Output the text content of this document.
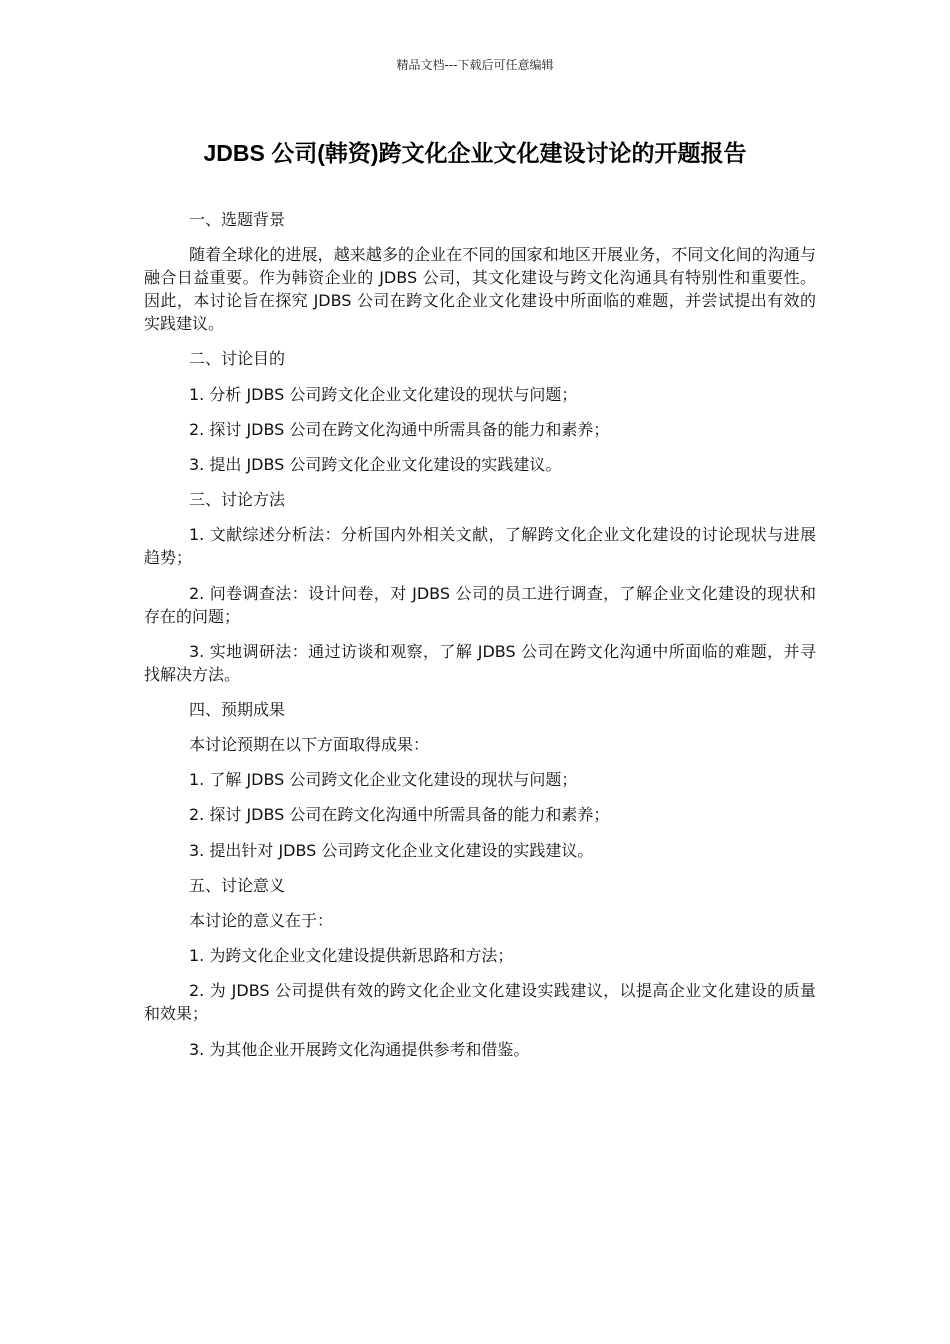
精品文档---下载后可任意编辑
JDBS 公司(韩资)跨文化企业文化建设讨论的开题报告

一、选题背景

随着全球化的进展，越来越多的企业在不同的国家和地区开展业务，不同文化间的沟通与融合日益重要。作为韩资企业的 JDBS 公司，其文化建设与跨文化沟通具有特别性和重要性。因此，本讨论旨在探究 JDBS 公司在跨文化企业文化建设中所面临的难题，并尝试提出有效的实践建议。

二、讨论目的

1. 分析 JDBS 公司跨文化企业文化建设的现状与问题；

2. 探讨 JDBS 公司在跨文化沟通中所需具备的能力和素养；

3. 提出 JDBS 公司跨文化企业文化建设的实践建议。

三、讨论方法

1. 文献综述分析法：分析国内外相关文献，了解跨文化企业文化建设的讨论现状与进展趋势；

2. 问卷调查法：设计问卷，对 JDBS 公司的员工进行调查，了解企业文化建设的现状和存在的问题；

3. 实地调研法：通过访谈和观察，了解 JDBS 公司在跨文化沟通中所面临的难题，并寻找解决方法。

四、预期成果

本讨论预期在以下方面取得成果：

1. 了解 JDBS 公司跨文化企业文化建设的现状与问题；

2. 探讨 JDBS 公司在跨文化沟通中所需具备的能力和素养；

3. 提出针对 JDBS 公司跨文化企业文化建设的实践建议。

五、讨论意义

本讨论的意义在于：

1. 为跨文化企业文化建设提供新思路和方法；

2. 为 JDBS 公司提供有效的跨文化企业文化建设实践建议，以提高企业文化建设的质量和效果；

3. 为其他企业开展跨文化沟通提供参考和借鉴。
